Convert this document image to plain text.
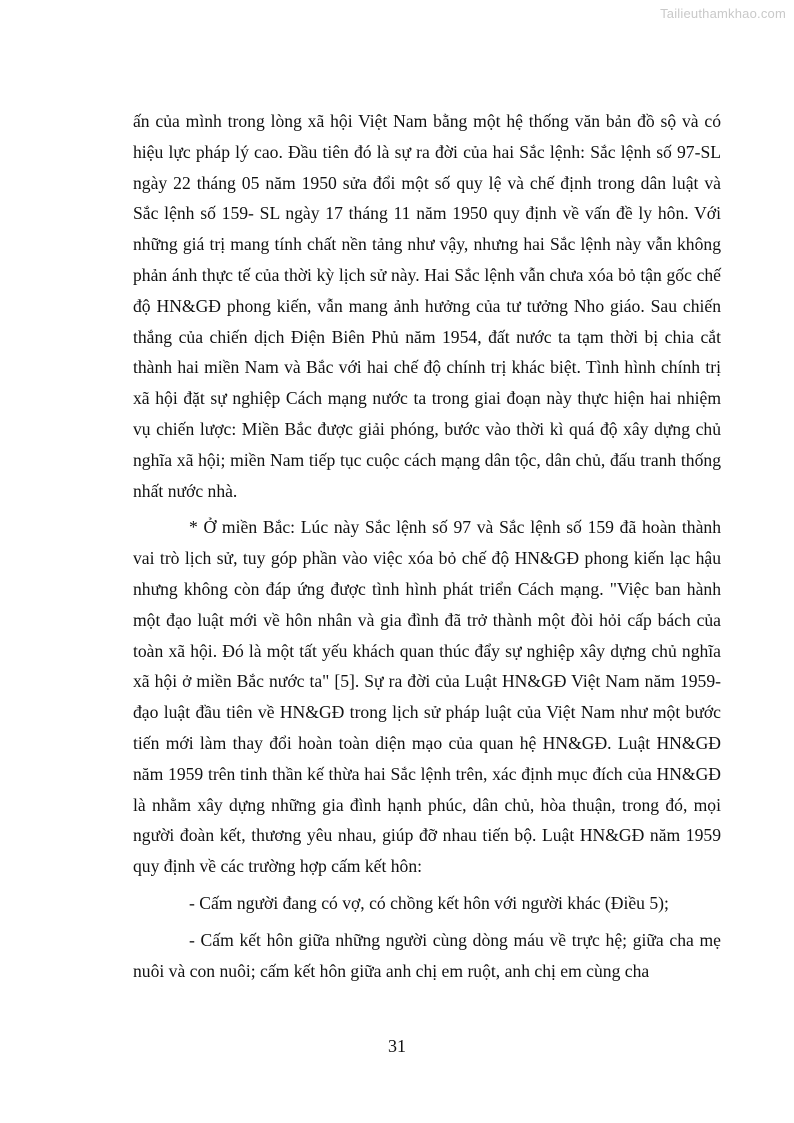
Tailieuthamkhao.com

ấn của mình trong lòng xã hội Việt Nam bằng một hệ thống văn bản đồ sộ và có hiệu lực pháp lý cao. Đầu tiên đó là sự ra đời của hai Sắc lệnh: Sắc lệnh số 97-SL ngày 22 tháng 05 năm 1950 sửa đổi một số quy lệ và chế định trong dân luật và Sắc lệnh số 159- SL ngày 17 tháng 11 năm 1950 quy định về vấn đề ly hôn. Với những giá trị mang tính chất nền tảng như vậy, nhưng hai Sắc lệnh này vẫn không phản ánh thực tế của thời kỳ lịch sử này. Hai Sắc lệnh vẫn chưa xóa bỏ tận gốc chế độ HN&GĐ phong kiến, vẫn mang ảnh hưởng của tư tưởng Nho giáo. Sau chiến thắng của chiến dịch Điện Biên Phủ năm 1954, đất nước ta tạm thời bị chia cắt thành hai miền Nam và Bắc với hai chế độ chính trị khác biệt. Tình hình chính trị xã hội đặt sự nghiệp Cách mạng nước ta trong giai đoạn này thực hiện hai nhiệm vụ chiến lược: Miền Bắc được giải phóng, bước vào thời kì quá độ xây dựng chủ nghĩa xã hội; miền Nam tiếp tục cuộc cách mạng dân tộc, dân chủ, đấu tranh thống nhất nước nhà.

* Ở miền Bắc: Lúc này Sắc lệnh số 97 và Sắc lệnh số 159 đã hoàn thành vai trò lịch sử, tuy góp phần vào việc xóa bỏ chế độ HN&GĐ phong kiến lạc hậu nhưng không còn đáp ứng được tình hình phát triển Cách mạng. "Việc ban hành một đạo luật mới về hôn nhân và gia đình đã trở thành một đòi hỏi cấp bách của toàn xã hội. Đó là một tất yếu khách quan thúc đẩy sự nghiệp xây dựng chủ nghĩa xã hội ở miền Bắc nước ta" [5]. Sự ra đời của Luật HN&GĐ Việt Nam năm 1959- đạo luật đầu tiên về HN&GĐ trong lịch sử pháp luật của Việt Nam như một bước tiến mới làm thay đổi hoàn toàn diện mạo của quan hệ HN&GĐ. Luật HN&GĐ năm 1959 trên tinh thần kế thừa hai Sắc lệnh trên, xác định mục đích của HN&GĐ là nhằm xây dựng những gia đình hạnh phúc, dân chủ, hòa thuận, trong đó, mọi người đoàn kết, thương yêu nhau, giúp đỡ nhau tiến bộ. Luật HN&GĐ năm 1959 quy định về các trường hợp cấm kết hôn:

- Cấm người đang có vợ, có chồng kết hôn với người khác (Điều 5);

- Cấm kết hôn giữa những người cùng dòng máu về trực hệ; giữa cha mẹ nuôi và con nuôi; cấm kết hôn giữa anh chị em ruột, anh chị em cùng cha

31
